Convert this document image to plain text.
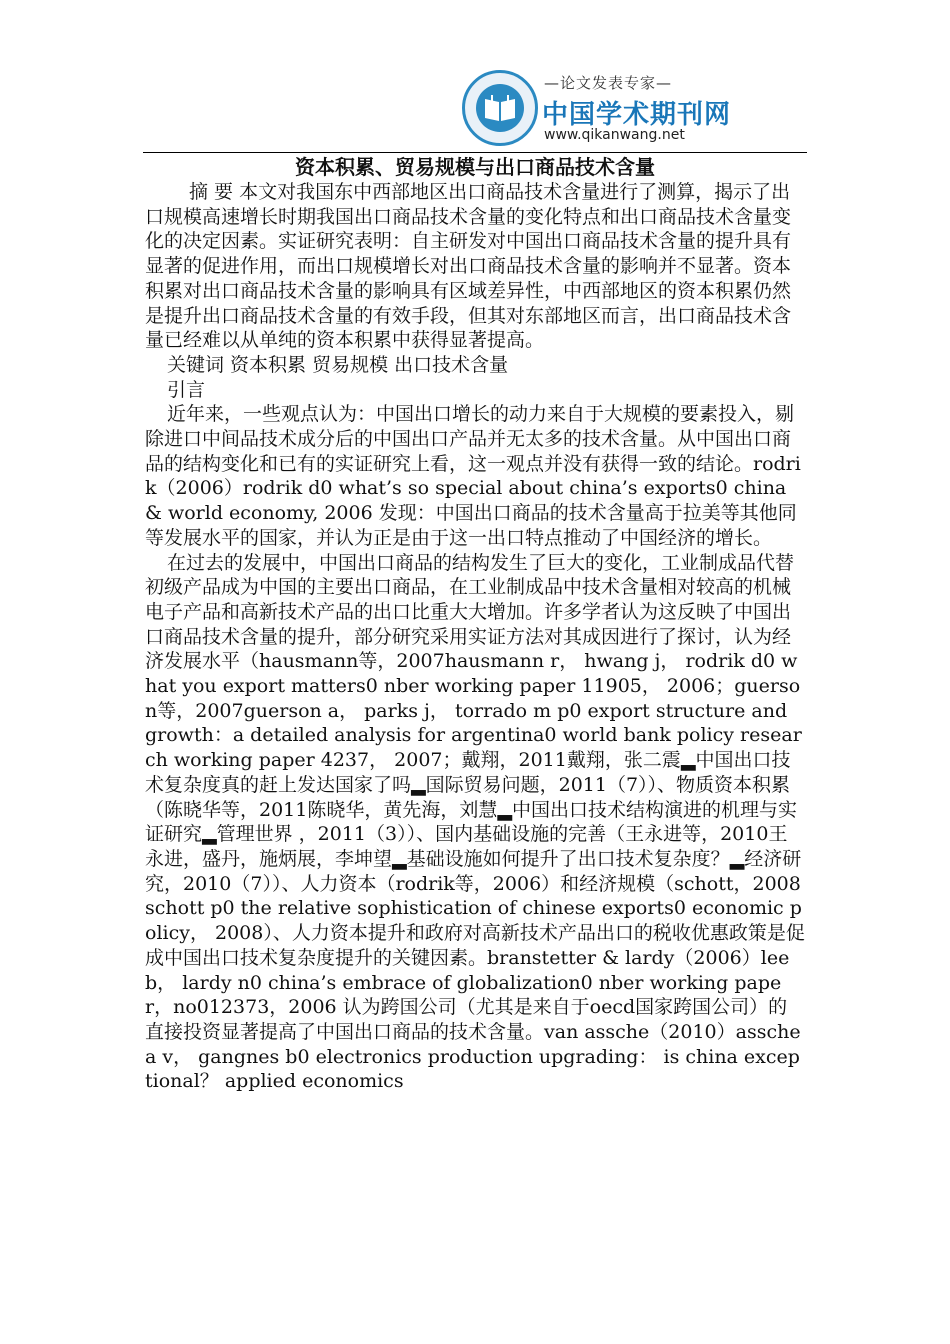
—论文发表专家—
中国学术期刊网
www.qikanwang.net
资本积累、贸易规模与出口商品技术含量

摘 要 本文对我国东中西部地区出口商品技术含量进行了测算，揭示了出口规模高速增长时期我国出口商品技术含量的变化特点和出口商品技术含量变化的决定因素。实证研究表明：自主研发对中国出口商品技术含量的提升具有显著的促进作用，而出口规模增长对出口商品技术含量的影响并不显著。资本积累对出口商品技术含量的影响具有区域差异性，中西部地区的资本积累仍然是提升出口商品技术含量的有效手段，但其对东部地区而言，出口商品技术含量已经难以从单纯的资本积累中获得显著提高。

关键词 资本积累 贸易规模 出口技术含量

引言

近年来，一些观点认为：中国出口增长的动力来自于大规模的要素投入，剔除进口中间品技术成分后的中国出口产品并无太多的技术含量。从中国出口商品的结构变化和已有的实证研究上看，这一观点并没有获得一致的结论。rodrik（2006）rodrik d0 what’s so special about china’s exports0 china & world economy, 2006 发现：中国出口商品的技术含量高于拉美等其他同等发展水平的国家，并认为正是由于这一出口特点推动了中国经济的增长。

在过去的发展中，中国出口商品的结构发生了巨大的变化，工业制成品代替初级产品成为中国的主要出口商品，在工业制成品中技术含量相对较高的机械电子产品和高新技术产品的出口比重大大增加。许多学者认为这反映了中国出口商品技术含量的提升，部分研究采用实证方法对其成因进行了探讨，认为经济发展水平（hausmann等，2007hausmann r， hwang j， rodrik d0 what you export matters0 nber working paper 11905， 2006；guerson等，2007guerson a， parks j， torrado m p0 export structure and growth：a detailed analysis for argentina0 world bank policy research working paper 4237， 2007；戴翔，2011戴翔，张二震▂中国出口技术复杂度真的赶上发达国家了吗▂国际贸易问题，2011（7））、物质资本积累（陈晓华等，2011陈晓华，黄先海，刘慧▂中国出口技术结构演进的机理与实证研究▂管理世界 ，2011（3））、国内基础设施的完善（王永进等，2010王永进，盛丹，施炳展，李坤望▂基础设施如何提升了出口技术复杂度？▂经济研究，2010（7））、人力资本（rodrik等，2006）和经济规模（schott，2008schott p0 the relative sophistication of chinese exports0 economic policy， 2008）、人力资本提升和政府对高新技术产品出口的税收优惠政策是促成中国出口技术复杂度提升的关键因素。branstetter & lardy（2006）lee b， lardy n0 china’s embrace of globalization0 nber working paper，no012373，2006 认为跨国公司（尤其是来自于oecd国家跨国公司）的直接投资显著提高了中国出口商品的技术含量。van assche（2010）assche a v， gangnes b0 electronics production upgrading： is china exceptional？ applied economics
